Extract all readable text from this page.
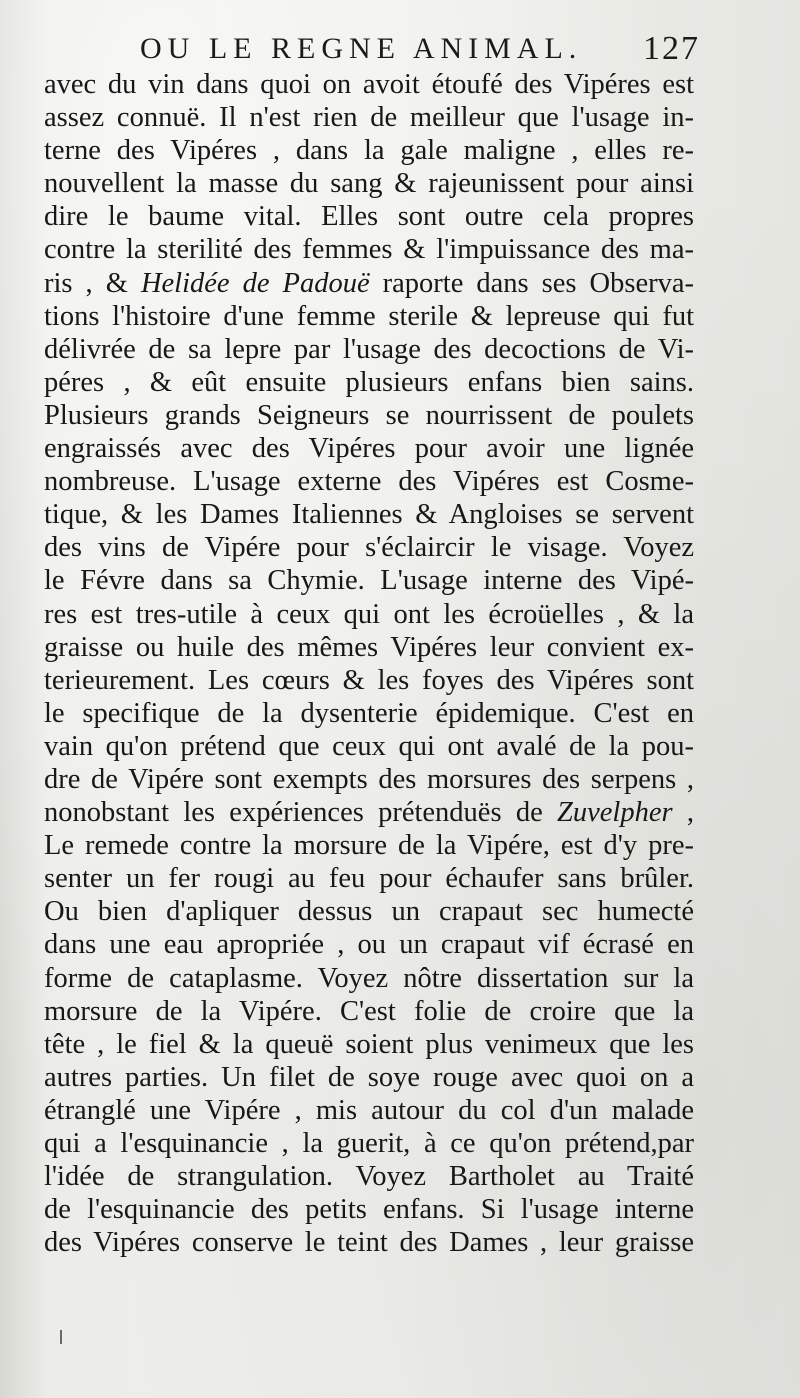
OU LE REGNE ANIMAL. 127
avec du vin dans quoi on avoit étoufé des Vipéres est
assez connuë. Il n'est rien de meilleur que l'usage in-
terne des Vipéres , dans la gale maligne , elles re-
nouvellent la masse du sang & rajeunissent pour ainsi
dire le baume vital. Elles sont outre cela propres
contre la sterilité des femmes & l'impuissance des ma-
ris , & Helidée de Padouë raporte dans ses Observa-
tions l'histoire d'une femme sterile & lepreuse qui fut
délivrée de sa lepre par l'usage des decoctions de Vi-
péres , & eût ensuite plusieurs enfans bien sains.
Plusieurs grands Seigneurs se nourrissent de poulets
engraissés avec des Vipéres pour avoir une lignée
nombreuse. L'usage externe des Vipéres est Cosme-
tique, & les Dames Italiennes & Angloises se servent
des vins de Vipére pour s'éclaircir le visage. Voyez
le Févre dans sa Chymie. L'usage interne des Vipé-
res est tres-utile à ceux qui ont les écroüelles , & la
graisse ou huile des mêmes Vipéres leur convient ex-
terieurement. Les cœurs & les foyes des Vipéres sont
le specifique de la dysenterie épidemique. C'est en
vain qu'on prétend que ceux qui ont avalé de la pou-
dre de Vipére sont exempts des morsures des serpens ,
nonobstant les expériences prétenduës de Zuvelpher ,
Le remede contre la morsure de la Vipére, est d'y pre-
senter un fer rougi au feu pour échaufer sans brûler.
Ou bien d'apliquer dessus un crapaut sec humecté
dans une eau apropriée , ou un crapaut vif écrasé en
forme de cataplasme. Voyez nôtre dissertation sur la
morsure de la Vipére. C'est folie de croire que la
tête , le fiel & la queuë soient plus venimeux que les
autres parties. Un filet de soye rouge avec quoi on a
étranglé une Vipére , mis autour du col d'un malade
qui a l'esquinancie , la guerit, à ce qu'on prétend,par
l'idée de strangulation. Voyez Bartholet au Traité
de l'esquinancie des petits enfans. Si l'usage interne
des Vipéres conserve le teint des Dames , leur graisse
